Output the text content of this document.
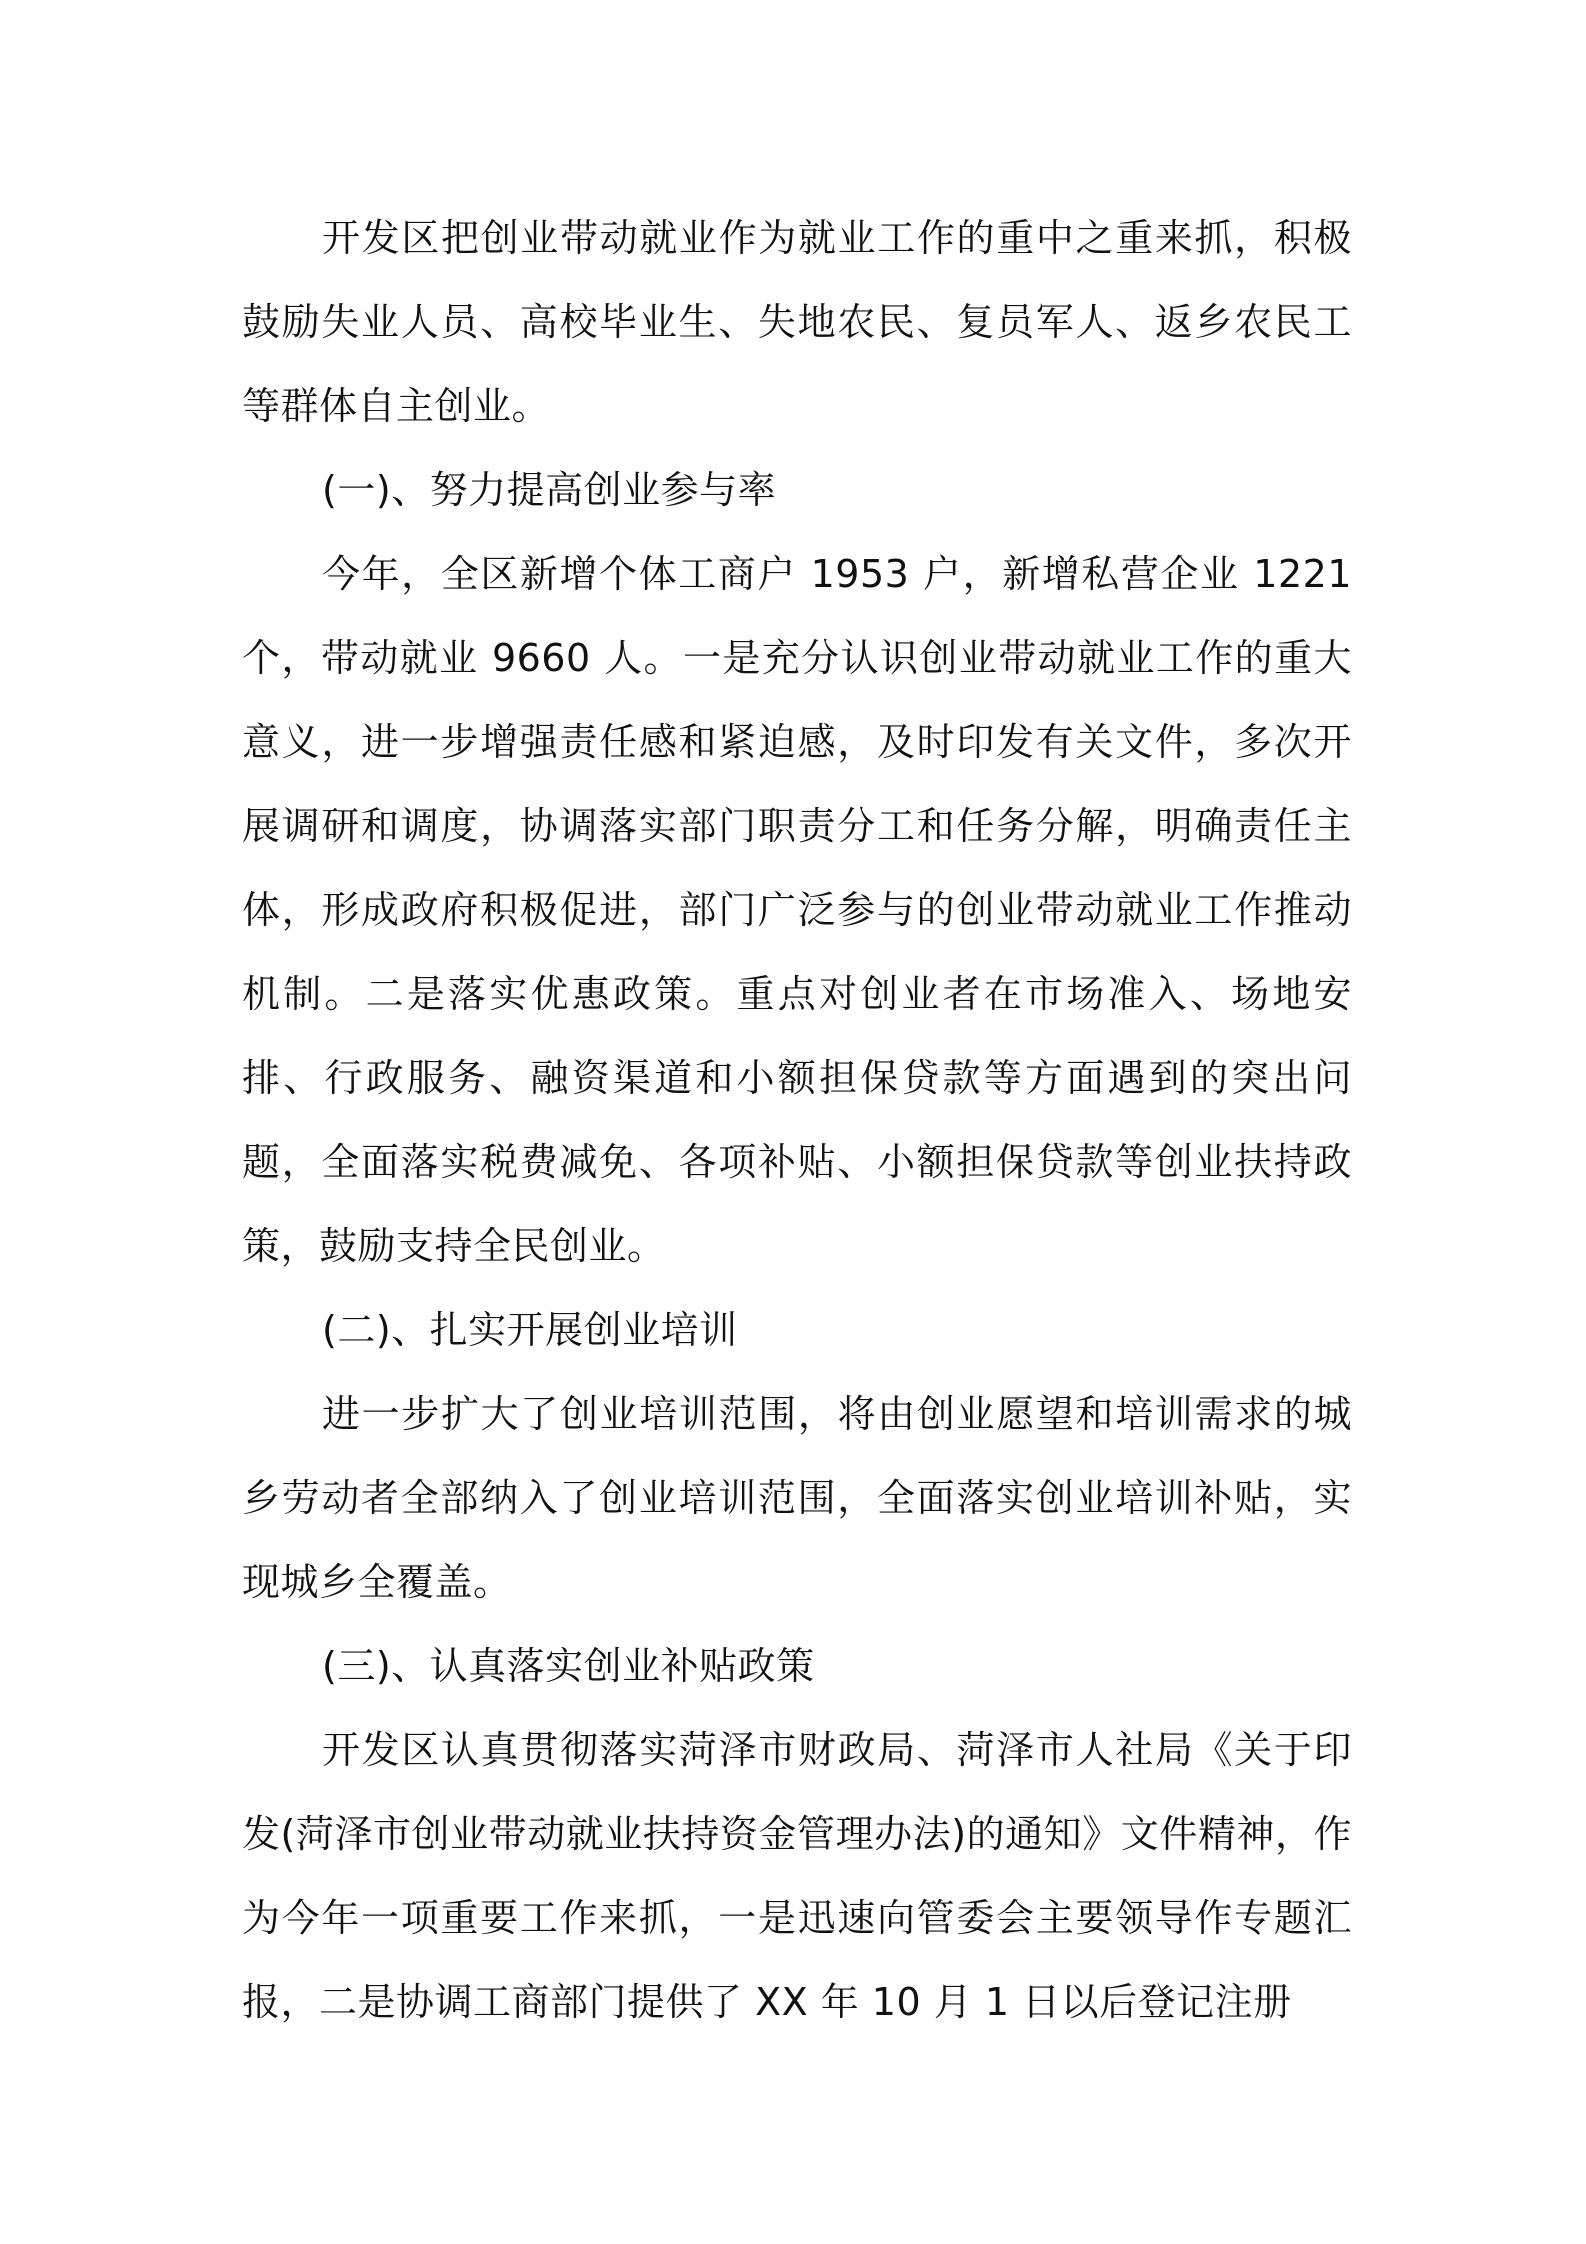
开发区把创业带动就业作为就业工作的重中之重来抓，积极鼓励失业人员、高校毕业生、失地农民、复员军人、返乡农民工等群体自主创业。

(一)、努力提高创业参与率

今年，全区新增个体工商户 1953 户，新增私营企业 1221 个，带动就业 9660 人。一是充分认识创业带动就业工作的重大意义，进一步增强责任感和紧迫感，及时印发有关文件，多次开展调研和调度，协调落实部门职责分工和任务分解，明确责任主体，形成政府积极促进，部门广泛参与的创业带动就业工作推动机制。二是落实优惠政策。重点对创业者在市场准入、场地安排、行政服务、融资渠道和小额担保贷款等方面遇到的突出问题，全面落实税费减免、各项补贴、小额担保贷款等创业扶持政策，鼓励支持全民创业。

(二)、扎实开展创业培训

进一步扩大了创业培训范围，将由创业愿望和培训需求的城乡劳动者全部纳入了创业培训范围，全面落实创业培训补贴，实现城乡全覆盖。

(三)、认真落实创业补贴政策

开发区认真贯彻落实菏泽市财政局、菏泽市人社局《关于印发(菏泽市创业带动就业扶持资金管理办法)的通知》文件精神，作为今年一项重要工作来抓，一是迅速向管委会主要领导作专题汇报，二是协调工商部门提供了 XX 年 10 月 1 日以后登记注册
